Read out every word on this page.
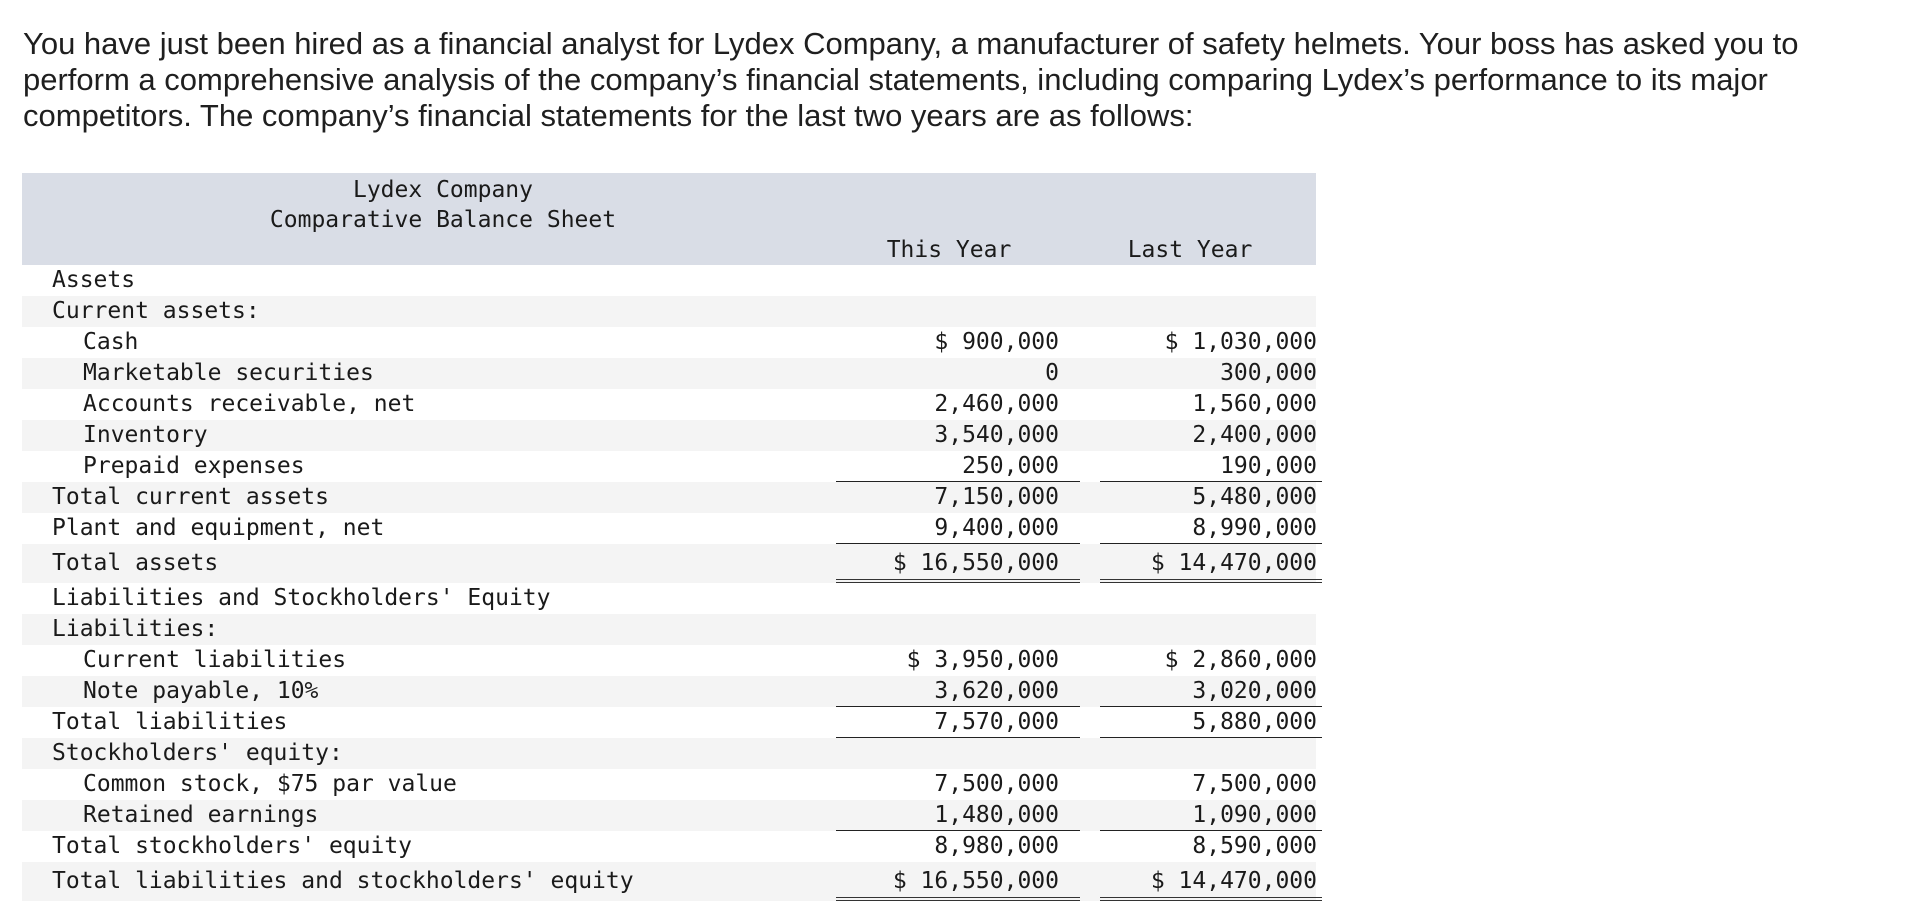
You have just been hired as a financial analyst for Lydex Company, a manufacturer of safety helmets. Your boss has asked you to perform a comprehensive analysis of the company’s financial statements, including comparing Lydex’s performance to its major competitors. The company’s financial statements for the last two years are as follows:

Lydex Company
Comparative Balance Sheet
This Year	Last Year
Assets
Current assets:
Cash	$ 900,000	$ 1,030,000
Marketable securities	0	300,000
Accounts receivable, net	2,460,000	1,560,000
Inventory	3,540,000	2,400,000
Prepaid expenses	250,000	190,000
Total current assets	7,150,000	5,480,000
Plant and equipment, net	9,400,000	8,990,000
Total assets	$ 16,550,000	$ 14,470,000
Liabilities and Stockholders' Equity
Liabilities:
Current liabilities	$ 3,950,000	$ 2,860,000
Note payable, 10%	3,620,000	3,020,000
Total liabilities	7,570,000	5,880,000
Stockholders' equity:
Common stock, $75 par value	7,500,000	7,500,000
Retained earnings	1,480,000	1,090,000
Total stockholders' equity	8,980,000	8,590,000
Total liabilities and stockholders' equity	$ 16,550,000	$ 14,470,000
